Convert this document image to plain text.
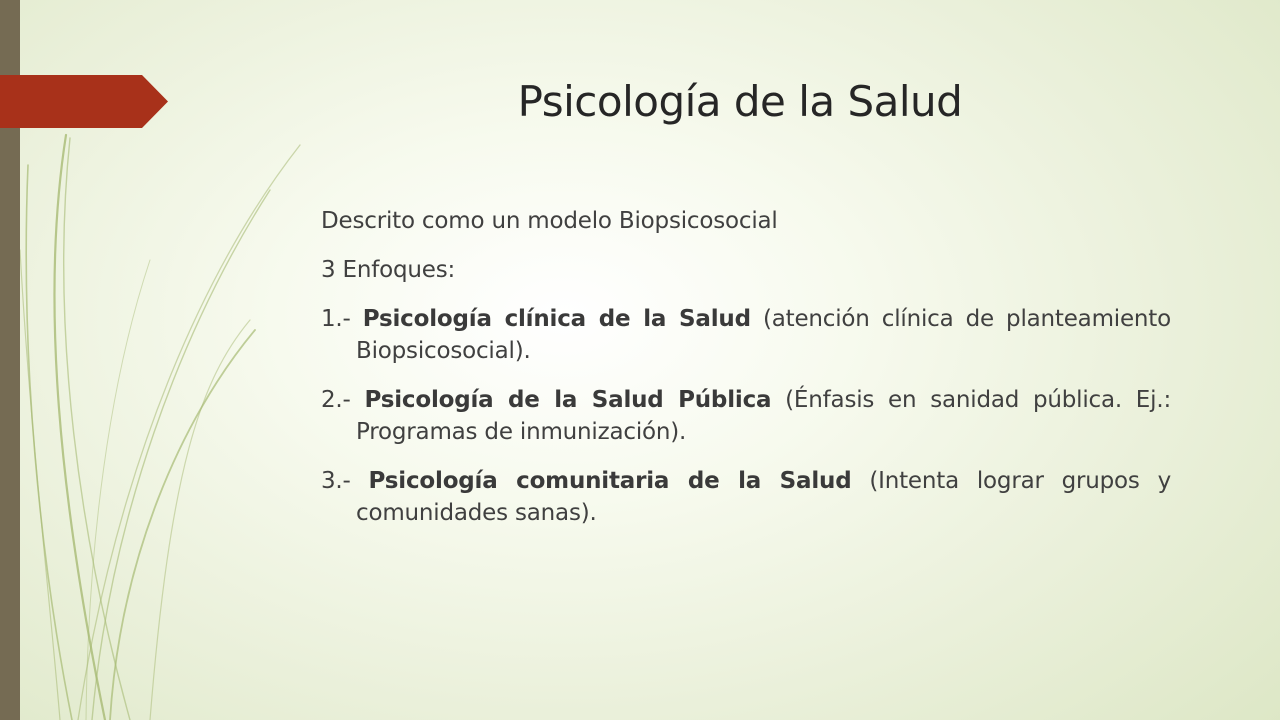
Psicología de la Salud

Descrito como un modelo Biopsicosocial

3 Enfoques:

1.- Psicología clínica de la Salud (atención clínica de planteamiento Biopsicosocial).

2.- Psicología de la Salud Pública (Énfasis en sanidad pública. Ej.: Programas de inmunización).

3.- Psicología comunitaria de la Salud (Intenta lograr grupos y comunidades sanas).
